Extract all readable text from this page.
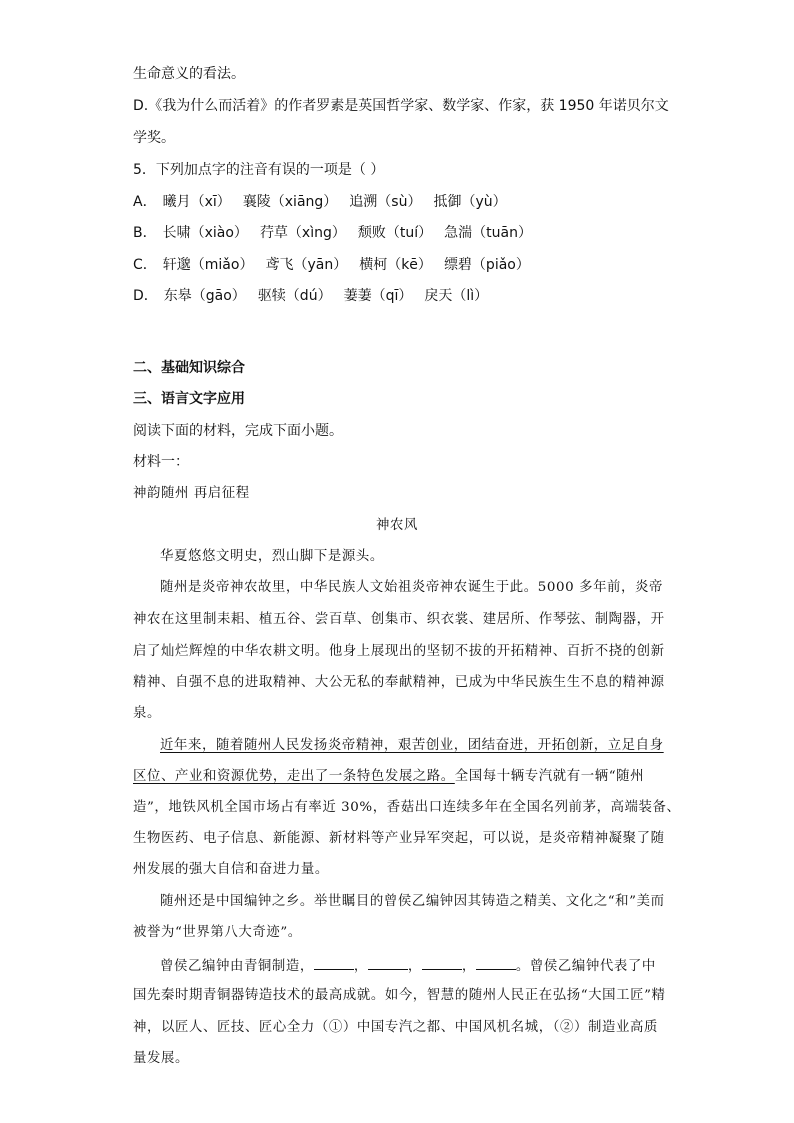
生命意义的看法。
D.《我为什么而活着》的作者罗素是英国哲学家、数学家、作家，获 1950 年诺贝尔文
学奖。
5．下列加点字的注音有误的一项是（ ）
A． 曦月（xī） 襄陵（xiāng） 追溯（sù） 抵御（yù）
B． 长啸（xiào） 荇草（xìng） 颓败（tuí） 急湍（tuān）
C． 轩邈（miǎo） 鸢飞（yān） 横柯（kē） 缥碧（piǎo）
D． 东皋（gāo） 驱犊（dú） 萋萋（qī） 戾天（lì）
二、基础知识综合
三、语言文字应用
阅读下面的材料，完成下面小题。
材料一：
神韵随州 再启征程
神农风
华夏悠悠文明史，烈山脚下是源头。
随州是炎帝神农故里，中华民族人文始祖炎帝神农诞生于此。5000 多年前，炎帝
神农在这里制耒耜、植五谷、尝百草、创集市、织衣裳、建居所、作琴弦、制陶器，开
启了灿烂辉煌的中华农耕文明。他身上展现出的坚韧不拔的开拓精神、百折不挠的创新
精神、自强不息的进取精神、大公无私的奉献精神，已成为中华民族生生不息的精神源
泉。
近年来，随着随州人民发扬炎帝精神，艰苦创业，团结奋进，开拓创新，立足自身
区位、产业和资源优势，走出了一条特色发展之路。全国每十辆专汽就有一辆“随州
造”，地铁风机全国市场占有率近 30%，香菇出口连续多年在全国名列前茅，高端装备、
生物医药、电子信息、新能源、新材料等产业异军突起，可以说，是炎帝精神凝聚了随
州发展的强大自信和奋进力量。
随州还是中国编钟之乡。举世瞩目的曾侯乙编钟因其铸造之精美、文化之“和”美而
被誉为“世界第八大奇迹”。
曾侯乙编钟由青铜制造，	，	，	，	。曾侯乙编钟代表了中
国先秦时期青铜器铸造技术的最高成就。如今，智慧的随州人民正在弘扬“大国工匠”精
神，以匠人、匠技、匠心全力（①）中国专汽之都、中国风机名城，（②）制造业高质
量发展。
